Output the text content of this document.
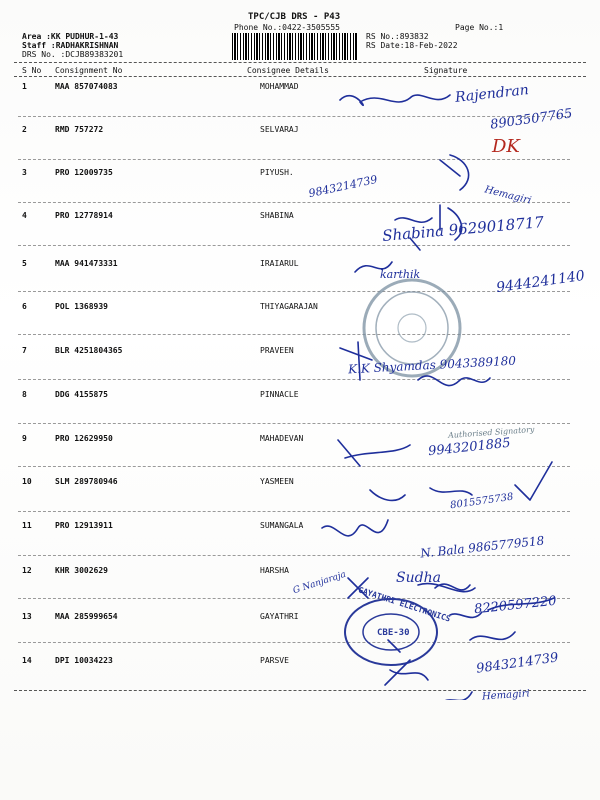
TPC/CJB DRS - P43
Phone No.:0422-3505555
Area :KK PUDHUR-1-43
Staff :RADHAKRISHNAN
DRS No. :DCJB89383201
RS No.:893832
RS Date:18-Feb-2022
Page No.:1
S No Consignment No	Consignee Details	Signature
1	MAA 857074083	MOHAMMAD
2	RMD 757272	SELVARAJ
3	PRO 12009735	PIYUSH.
4	PRO 12778914	SHABINA
5	MAA 941473331	IRAIARUL
6	POL 1368939	THIYAGARAJAN
7	BLR 4251804365	PRAVEEN
8	DDG 4155875	PINNACLE
9	PRO 12629950	MAHADEVAN
10	SLM 289780946	YASMEEN
11	PRO 12913911	SUMANGALA
12	KHR 3002629	HARSHA
13	MAA 285999654	GAYATHRI
14	DPI 10034223	PARSVE
GAYATHRI ELECTRONICS
CBE-30
Rajendran
8903507765
DK
9843214739	Hemagiri
Shabina 9629018717
karthik	9444241140
K.K Shyamdas 9043389180
9943201885
8015575738
Authorised Signatory
N. Bala 9865779518
Sudha
G Nanjaraja
8220597220
9843214739
Hemagiri
